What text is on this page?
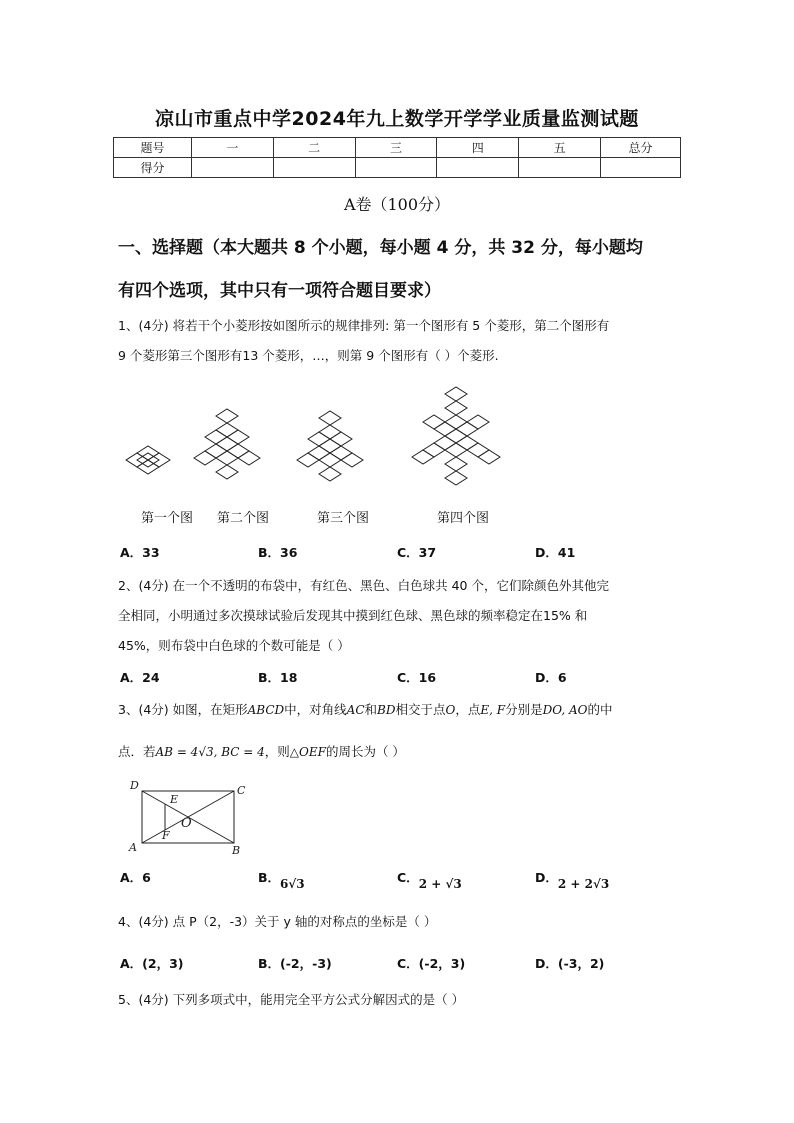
凉山市重点中学2024年九上数学开学学业质量监测试题
题号	一	二	三	四	五	总分
得分						
A卷（100分）
一、选择题（本大题共 8 个小题，每小题 4 分，共 32 分，每小题均
有四个选项，其中只有一项符合题目要求）
1、(4分) 将若干个小菱形按如图所示的规律排列: 第一个图形有 5 个菱形，第二个图形有
9 个菱形第三个图形有13 个菱形，…，则第 9 个图形有（ ）个菱形.
第一个图 第二个图	第三个图	第四个图
A．33	B．36	C．37	D．41
2、(4分) 在一个不透明的布袋中，有红色、黑色、白色球共 40 个，它们除颜色外其他完
全相同，小明通过多次摸球试验后发现其中摸到红色球、黑色球的频率稳定在15% 和
45%，则布袋中白色球的个数可能是（ ）
A．24	B．18	C．16	D．6
3、(4分) 如图，在矩形ABCD中，对角线AC和BD相交于点O，点E, F分别是DO, AO的中
点．若AB = 4√3, BC = 4，则△OEF的周长为（ ）
D	C
E
O
F
A	B
A．6	B．6√3	C．2 + √3	D．2 + 2√3
4、(4分) 点 P（2，-3）关于 y 轴的对称点的坐标是（ ）
A．(2，3)	B．(-2，-3)	C．(-2，3)	D．(-3，2)
5、(4分) 下列多项式中，能用完全平方公式分解因式的是（ ）
